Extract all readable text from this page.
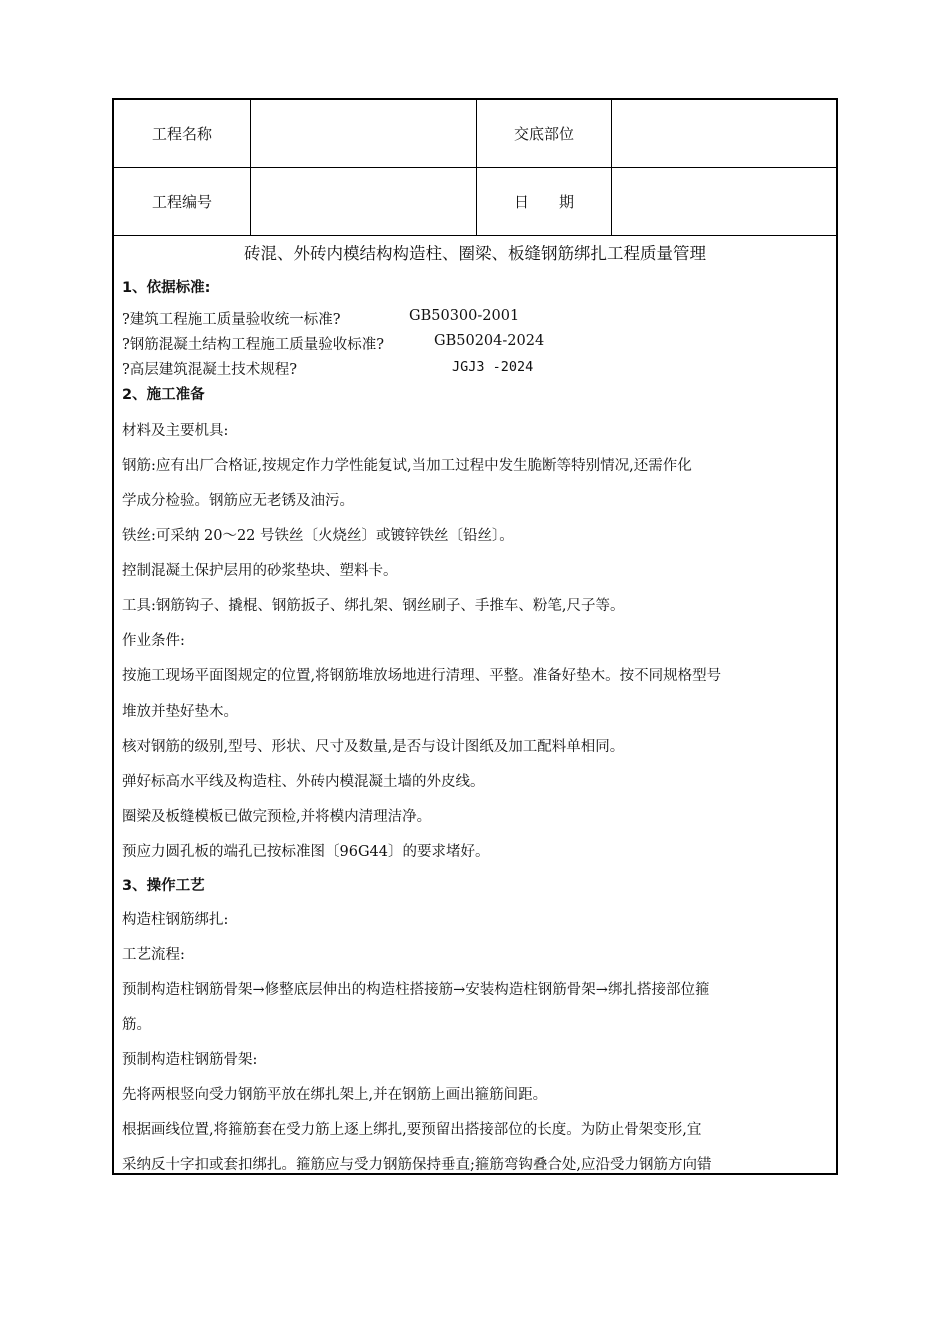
工程名称	交底部位
工程编号	日　　期
砖混、外砖内模结构构造柱、圈梁、板缝钢筋绑扎工程质量管理
1、依据标准:
?建筑工程施工质量验收统一标准?	GB50300-2001
?钢筋混凝土结构工程施工质量验收标准?	GB50204-2024
?高层建筑混凝土技术规程?	JGJ3 -2024
2、施工准备
材料及主要机具:
钢筋:应有出厂合格证,按规定作力学性能复试,当加工过程中发生脆断等特别情况,还需作化
学成分检验。钢筋应无老锈及油污。
铁丝:可采纳 20～22 号铁丝〔火烧丝〕或镀锌铁丝〔铅丝〕。
控制混凝土保护层用的砂浆垫块、塑料卡。
工具:钢筋钩子、撬棍、钢筋扳子、绑扎架、钢丝刷子、手推车、粉笔,尺子等。
作业条件:
按施工现场平面图规定的位置,将钢筋堆放场地进行清理、平整。准备好垫木。按不同规格型号
堆放并垫好垫木。
核对钢筋的级别,型号、形状、尺寸及数量,是否与设计图纸及加工配料单相同。
弹好标高水平线及构造柱、外砖内模混凝土墙的外皮线。
圈梁及板缝模板已做完预检,并将模内清理洁净。
预应力圆孔板的端孔已按标准图〔96G44〕的要求堵好。
3、操作工艺
构造柱钢筋绑扎:
工艺流程:
预制构造柱钢筋骨架→修整底层伸出的构造柱搭接筋→安装构造柱钢筋骨架→绑扎搭接部位箍
筋。
预制构造柱钢筋骨架:
先将两根竖向受力钢筋平放在绑扎架上,并在钢筋上画出箍筋间距。
根据画线位置,将箍筋套在受力筋上逐上绑扎,要预留出搭接部位的长度。为防止骨架变形,宜
采纳反十字扣或套扣绑扎。箍筋应与受力钢筋保持垂直;箍筋弯钩叠合处,应沿受力钢筋方向错
